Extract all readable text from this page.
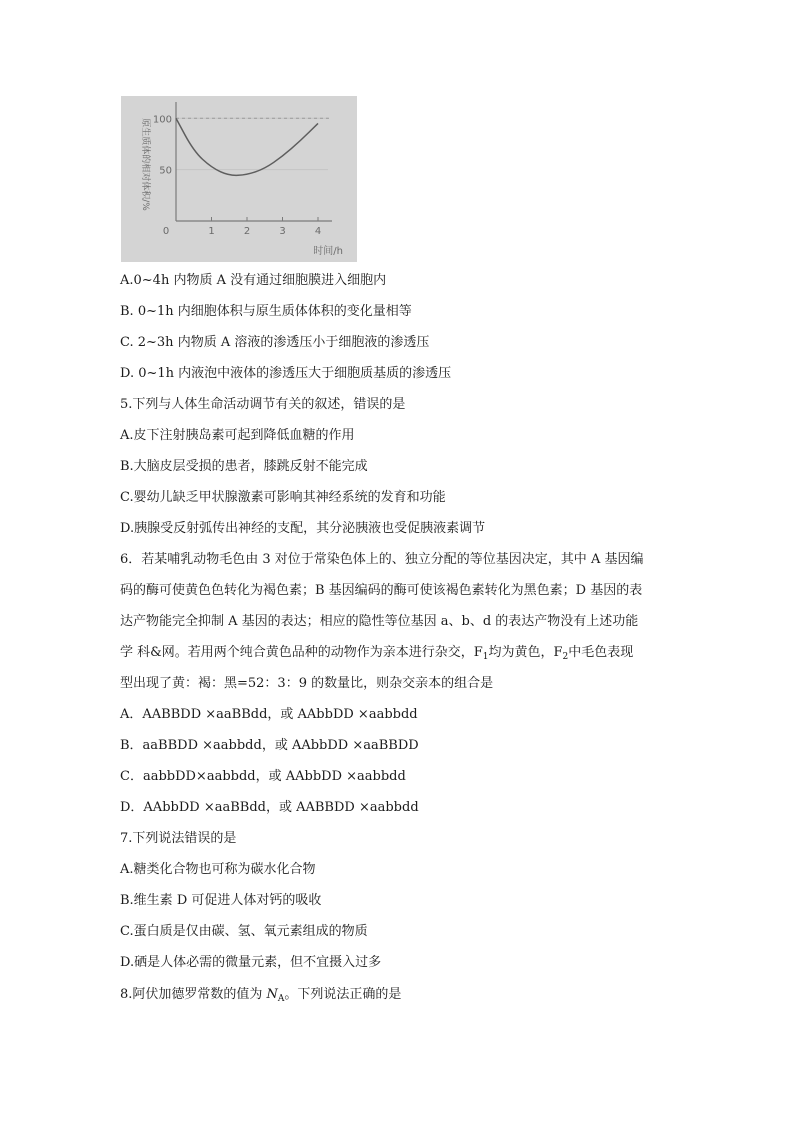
0	1	2	3	4
50
100
时间/h
原生质体的相对体积/%
A.0~4h 内物质 A 没有通过细胞膜进入细胞内
B. 0~1h 内细胞体积与原生质体体积的变化量相等
C. 2~3h 内物质 A 溶液的渗透压小于细胞液的渗透压
D. 0~1h 内液泡中液体的渗透压大于细胞质基质的渗透压
5.下列与人体生命活动调节有关的叙述，错误的是
A.皮下注射胰岛素可起到降低血糖的作用
B.大脑皮层受损的患者，膝跳反射不能完成
C.婴幼儿缺乏甲状腺激素可影响其神经系统的发育和功能
D.胰腺受反射弧传出神经的支配，其分泌胰液也受促胰液素调节
6．若某哺乳动物毛色由 3 对位于常染色体上的、独立分配的等位基因决定，其中 A 基因编
码的酶可使黄色色转化为褐色素；B 基因编码的酶可使该褐色素转化为黑色素；D 基因的表
达产物能完全抑制 A 基因的表达；相应的隐性等位基因 a、b、d 的表达产物没有上述功能
学 科&网。若用两个纯合黄色品种的动物作为亲本进行杂交，$F_1$均为黄色，$F_2$中毛色表现
型出现了黄：褐：黑=52：3：9 的数量比，则杂交亲本的组合是
A．AABBDD ×aaBBdd，或 AAbbDD ×aabbdd
B．aaBBDD ×aabbdd，或 AAbbDD ×aaBBDD
C．aabbDD×aabbdd，或 AAbbDD ×aabbdd
D．AAbbDD ×aaBBdd，或 AABBDD ×aabbdd
7.下列说法错误的是
A.糖类化合物也可称为碳水化合物
B.维生素 D 可促进人体对钙的吸收
C.蛋白质是仅由碳、氢、氧元素组成的物质
D.硒是人体必需的微量元素，但不宜摄入过多
8.阿伏加德罗常数的值为 $N_A$。下列说法正确的是
